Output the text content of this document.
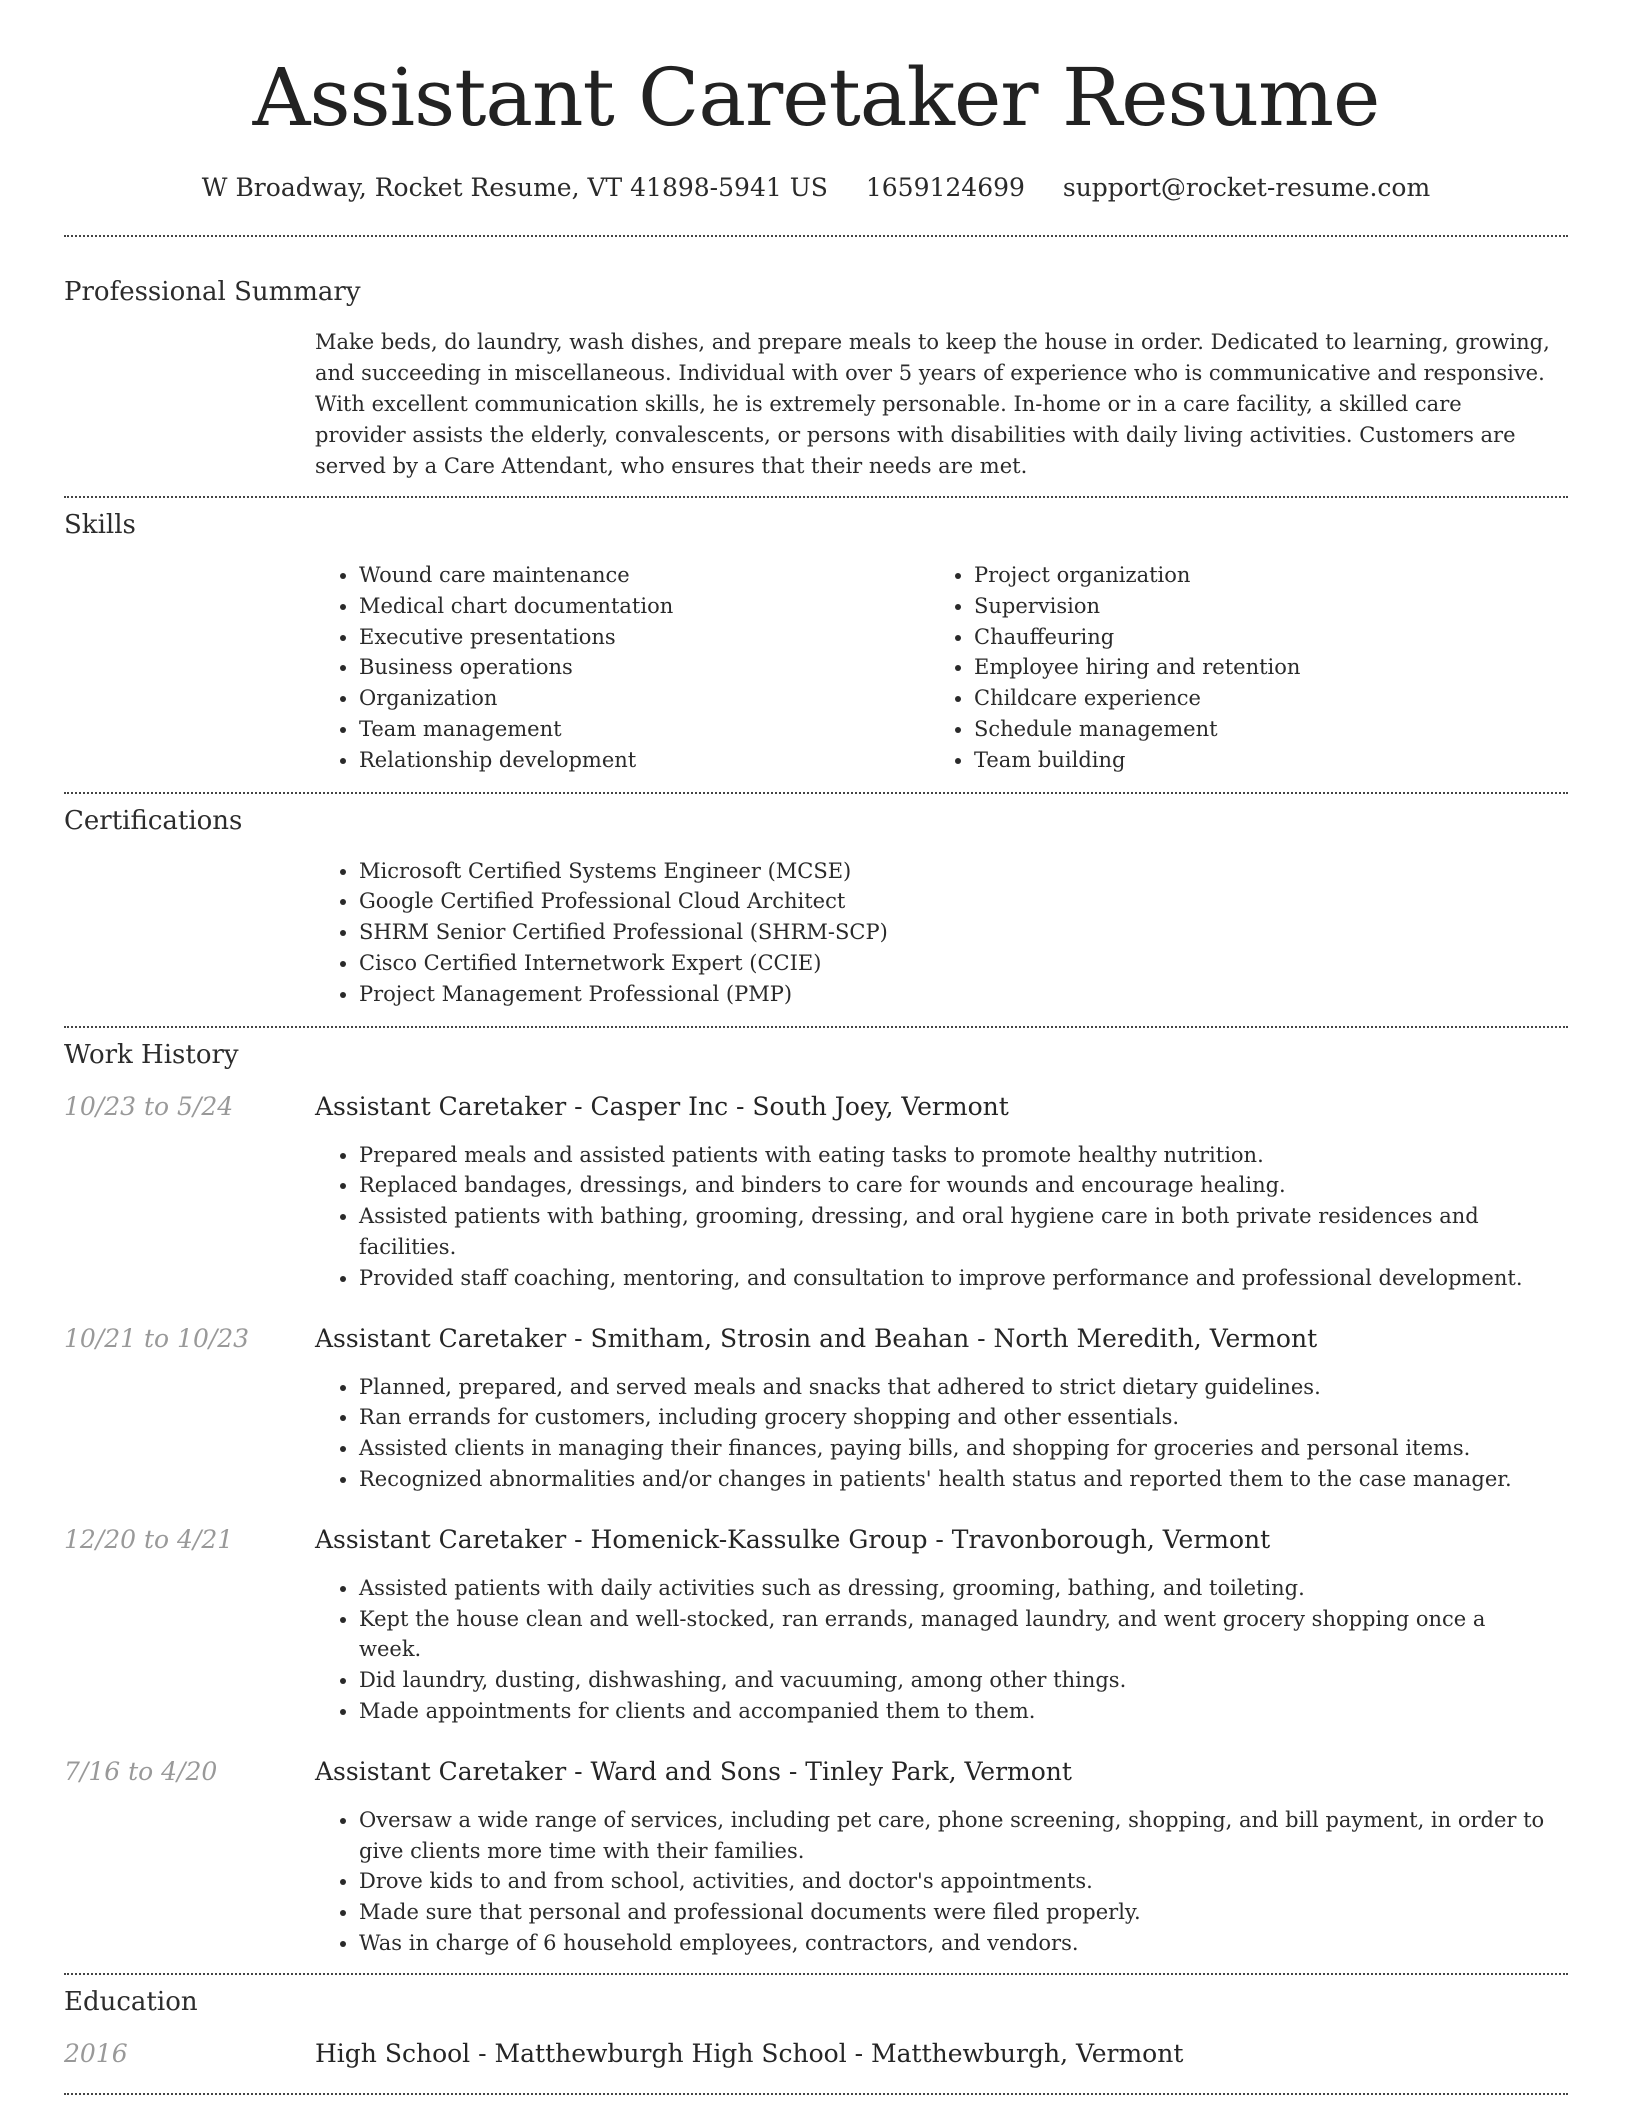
Assistant Caretaker Resume
W Broadway, Rocket Resume, VT 41898-5941 US 1659124699 support@rocket-resume.com
Professional Summary

Make beds, do laundry, wash dishes, and prepare meals to keep the house in order. Dedicated to learning, growing, and succeeding in miscellaneous. Individual with over 5 years of experience who is communicative and responsive. With excellent communication skills, he is extremely personable. In-home or in a care facility, a skilled care provider assists the elderly, convalescents, or persons with disabilities with daily living activities. Customers are served by a Care Attendant, who ensures that their needs are met.

Skills
• Wound care maintenance
• Medical chart documentation
• Executive presentations
• Business operations
• Organization
• Team management
• Relationship development
• Project organization
• Supervision
• Chauffeuring
• Employee hiring and retention
• Childcare experience
• Schedule management
• Team building
Certifications
• Microsoft Certified Systems Engineer (MCSE)
• Google Certified Professional Cloud Architect
• SHRM Senior Certified Professional (SHRM-SCP)
• Cisco Certified Internetwork Expert (CCIE)
• Project Management Professional (PMP)
Work History
10/23 to 5/24	Assistant Caretaker - Casper Inc - South Joey, Vermont
• Prepared meals and assisted patients with eating tasks to promote healthy nutrition.
• Replaced bandages, dressings, and binders to care for wounds and encourage healing.
• Assisted patients with bathing, grooming, dressing, and oral hygiene care in both private residences and facilities.
• Provided staff coaching, mentoring, and consultation to improve performance and professional development.
10/21 to 10/23	Assistant Caretaker - Smitham, Strosin and Beahan - North Meredith, Vermont
• Planned, prepared, and served meals and snacks that adhered to strict dietary guidelines.
• Ran errands for customers, including grocery shopping and other essentials.
• Assisted clients in managing their finances, paying bills, and shopping for groceries and personal items.
• Recognized abnormalities and/or changes in patients' health status and reported them to the case manager.
12/20 to 4/21	Assistant Caretaker - Homenick-Kassulke Group - Travonborough, Vermont
• Assisted patients with daily activities such as dressing, grooming, bathing, and toileting.
• Kept the house clean and well-stocked, ran errands, managed laundry, and went grocery shopping once a week.
• Did laundry, dusting, dishwashing, and vacuuming, among other things.
• Made appointments for clients and accompanied them to them.
7/16 to 4/20	Assistant Caretaker - Ward and Sons - Tinley Park, Vermont
• Oversaw a wide range of services, including pet care, phone screening, shopping, and bill payment, in order to give clients more time with their families.
• Drove kids to and from school, activities, and doctor's appointments.
• Made sure that personal and professional documents were filed properly.
• Was in charge of 6 household employees, contractors, and vendors.
Education
2016	High School - Matthewburgh High School - Matthewburgh, Vermont
